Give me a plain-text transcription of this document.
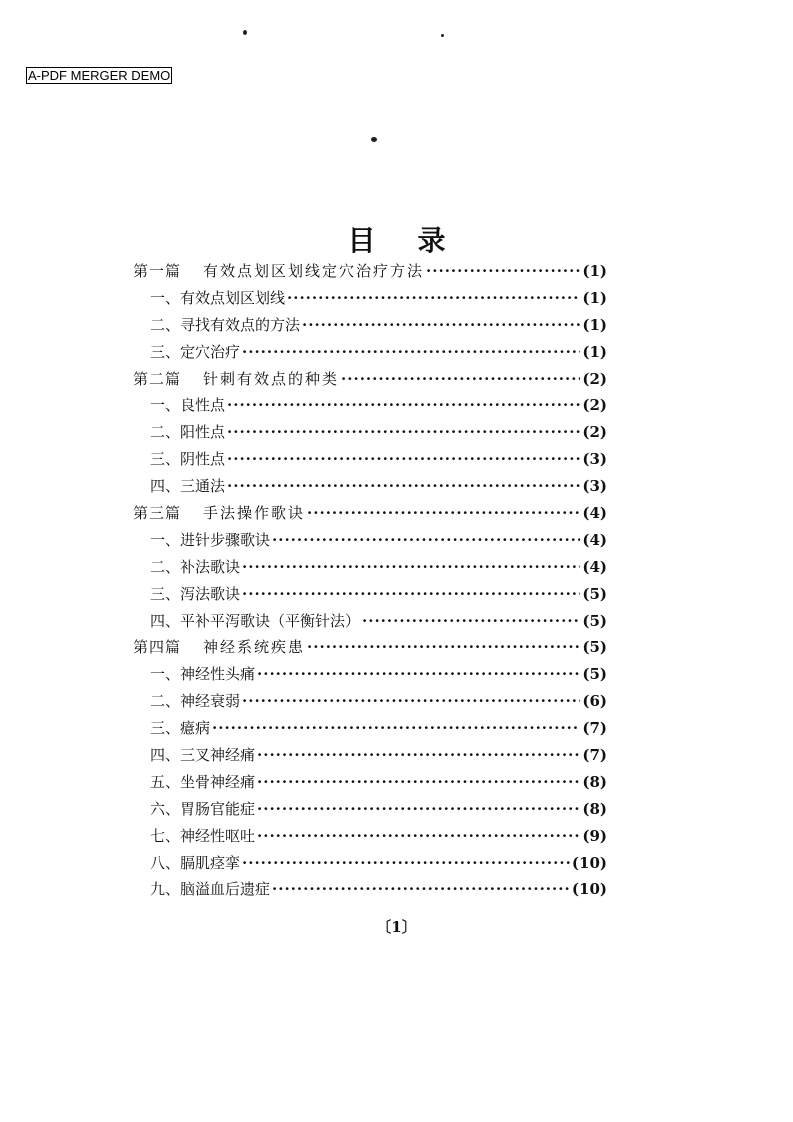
A-PDF MERGER DEMO
目录
第一篇 有效点划区划线定穴治疗方法 ·····	(1)
一、有效点划区划线 ·····	(1)
二、寻找有效点的方法 ·····	(1)
三、定穴治疗 ·····	(1)
第二篇 针刺有效点的种类 ·····	(2)
一、良性点 ·····	(2)
二、阳性点 ·····	(2)
三、阴性点 ·····	(3)
四、三通法 ·····	(3)
第三篇 手法操作歌诀 ·····	(4)
一、进针步骤歌诀 ·····	(4)
二、补法歌诀 ·····	(4)
三、泻法歌诀 ·····	(5)
四、平补平泻歌诀（平衡针法） ·····	(5)
第四篇 神经系统疾患 ·····	(5)
一、神经性头痛 ·····	(5)
二、神经衰弱 ·····	(6)
三、癔病 ·····	(7)
四、三叉神经痛 ·····	(7)
五、坐骨神经痛 ·····	(8)
六、胃肠官能症 ·····	(8)
七、神经性呕吐 ·····	(9)
八、膈肌痉挛 ·····	(10)
九、脑溢血后遗症 ·····	(10)
〔1〕
